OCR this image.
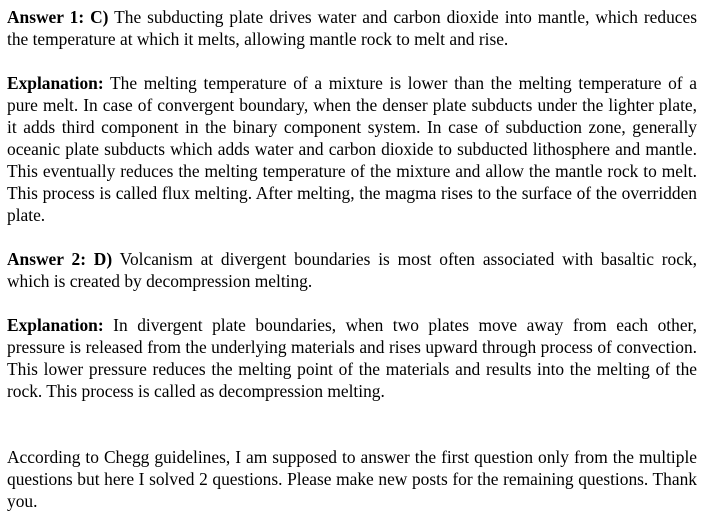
Answer 1: C) The subducting plate drives water and carbon dioxide into mantle, which reduces the temperature at which it melts, allowing mantle rock to melt and rise.

Explanation: The melting temperature of a mixture is lower than the melting temperature of a pure melt. In case of convergent boundary, when the denser plate subducts under the lighter plate, it adds third component in the binary component system. In case of subduction zone, generally oceanic plate subducts which adds water and carbon dioxide to subducted lithosphere and mantle. This eventually reduces the melting temperature of the mixture and allow the mantle rock to melt. This process is called flux melting. After melting, the magma rises to the surface of the overridden plate.

Answer 2: D) Volcanism at divergent boundaries is most often associated with basaltic rock, which is created by decompression melting.

Explanation: In divergent plate boundaries, when two plates move away from each other, pressure is released from the underlying materials and rises upward through process of convection. This lower pressure reduces the melting point of the materials and results into the melting of the rock. This process is called as decompression melting.

According to Chegg guidelines, I am supposed to answer the first question only from the multiple questions but here I solved 2 questions. Please make new posts for the remaining questions. Thank you.
